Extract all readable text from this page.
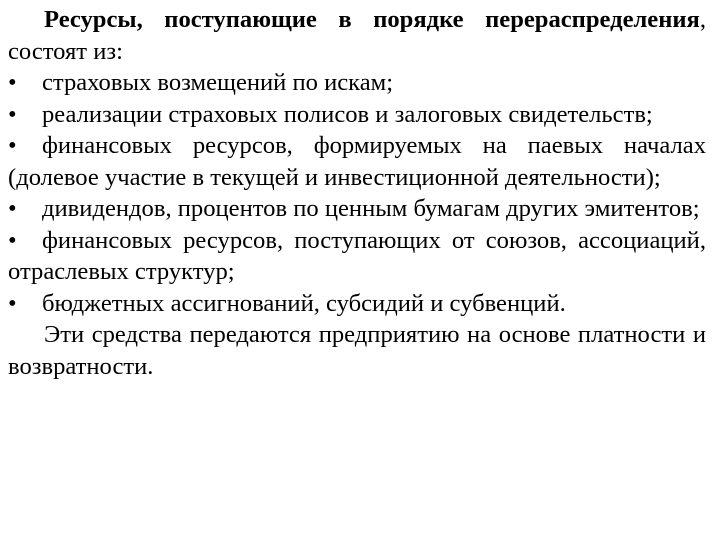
Ресурсы, поступающие в порядке перераспределения, состоят из:

• страховых возмещений по искам;

• реализации страховых полисов и залоговых свидетельств;

• финансовых ресурсов, формируемых на паевых началах (долевое участие в текущей и инвестиционной деятельности);

• дивидендов, процентов по ценным бумагам других эмитентов;

• финансовых ресурсов, поступающих от союзов, ассоциаций, отраслевых структур;

• бюджетных ассигнований, субсидий и субвенций.

Эти средства передаются предприятию на основе платности и возвратности.
